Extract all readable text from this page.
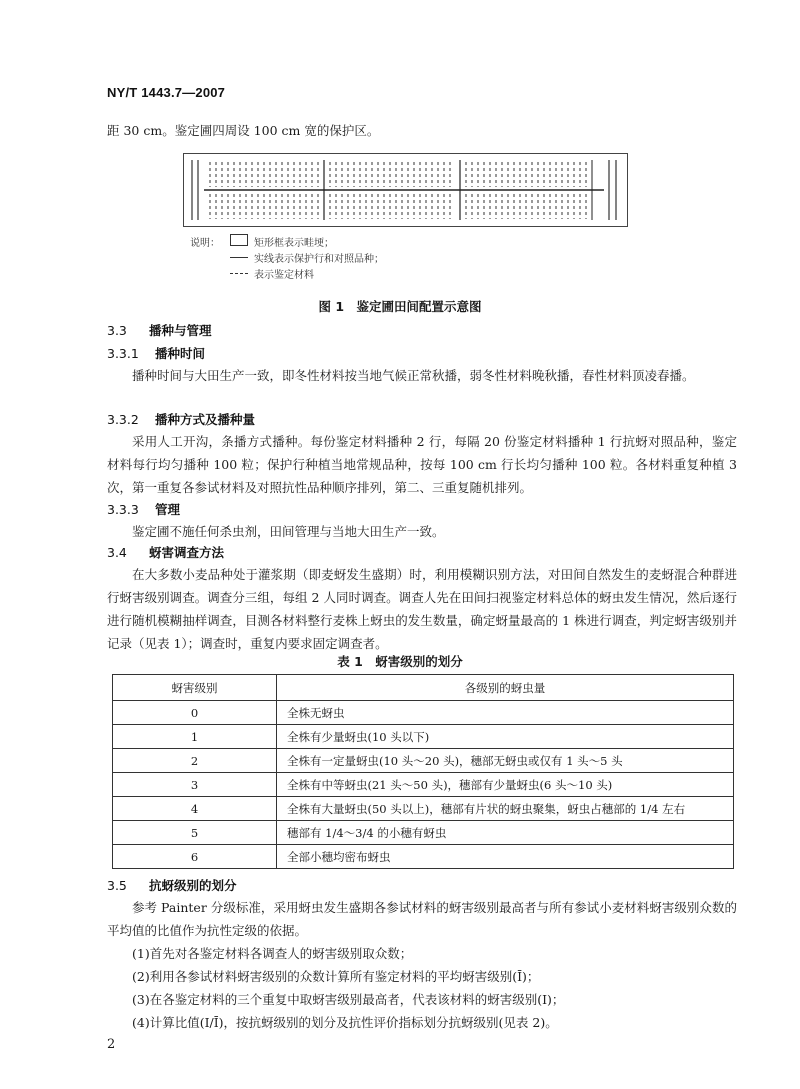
NY/T 1443.7—2007
距 30 cm。鉴定圃四周设 100 cm 宽的保护区。
说明：	矩形框表示畦埂；
实线表示保护行和对照品种；
表示鉴定材料
图 1　鉴定圃田间配置示意图
3.3 播种与管理
3.3.1 播种时间
播种时间与大田生产一致，即冬性材料按当地气候正常秋播，弱冬性材料晚秋播，春性材料顶凌春播。
3.3.2 播种方式及播种量
采用人工开沟，条播方式播种。每份鉴定材料播种 2 行，每隔 20 份鉴定材料播种 1 行抗蚜对照品种，鉴定材料每行均匀播种 100 粒；保护行种植当地常规品种，按每 100 cm 行长均匀播种 100 粒。各材料重复种植 3 次，第一重复各参试材料及对照抗性品种顺序排列，第二、三重复随机排列。
3.3.3 管理
鉴定圃不施任何杀虫剂，田间管理与当地大田生产一致。
3.4 蚜害调查方法
在大多数小麦品种处于灌浆期（即麦蚜发生盛期）时，利用模糊识别方法，对田间自然发生的麦蚜混合种群进行蚜害级别调查。调查分三组，每组 2 人同时调查。调查人先在田间扫视鉴定材料总体的蚜虫发生情况，然后逐行进行随机模糊抽样调查，目测各材料整行麦株上蚜虫的发生数量，确定蚜量最高的 1 株进行调查，判定蚜害级别并记录（见表 1）；调查时，重复内要求固定调查者。
表 1　蚜害级别的划分
蚜害级别	各级别的蚜虫量
0	全株无蚜虫
1	全株有少量蚜虫(10 头以下)
2	全株有一定量蚜虫(10 头～20 头)，穗部无蚜虫或仅有 1 头～5 头
3	全株有中等蚜虫(21 头～50 头)，穗部有少量蚜虫(6 头～10 头)
4	全株有大量蚜虫(50 头以上)，穗部有片状的蚜虫聚集，蚜虫占穗部的 1/4 左右
5	穗部有 1/4～3/4 的小穗有蚜虫
6	全部小穗均密布蚜虫
3.5 抗蚜级别的划分
参考 Painter 分级标准，采用蚜虫发生盛期各参试材料的蚜害级别最高者与所有参试小麦材料蚜害级别众数的平均值的比值作为抗性定级的依据。
(1)首先对各鉴定材料各调查人的蚜害级别取众数；
(2)利用各参试材料蚜害级别的众数计算所有鉴定材料的平均蚜害级别(Ī)；
(3)在各鉴定材料的三个重复中取蚜害级别最高者，代表该材料的蚜害级别(I)；
(4)计算比值(I/Ī)，按抗蚜级别的划分及抗性评价指标划分抗蚜级别(见表 2)。
2
